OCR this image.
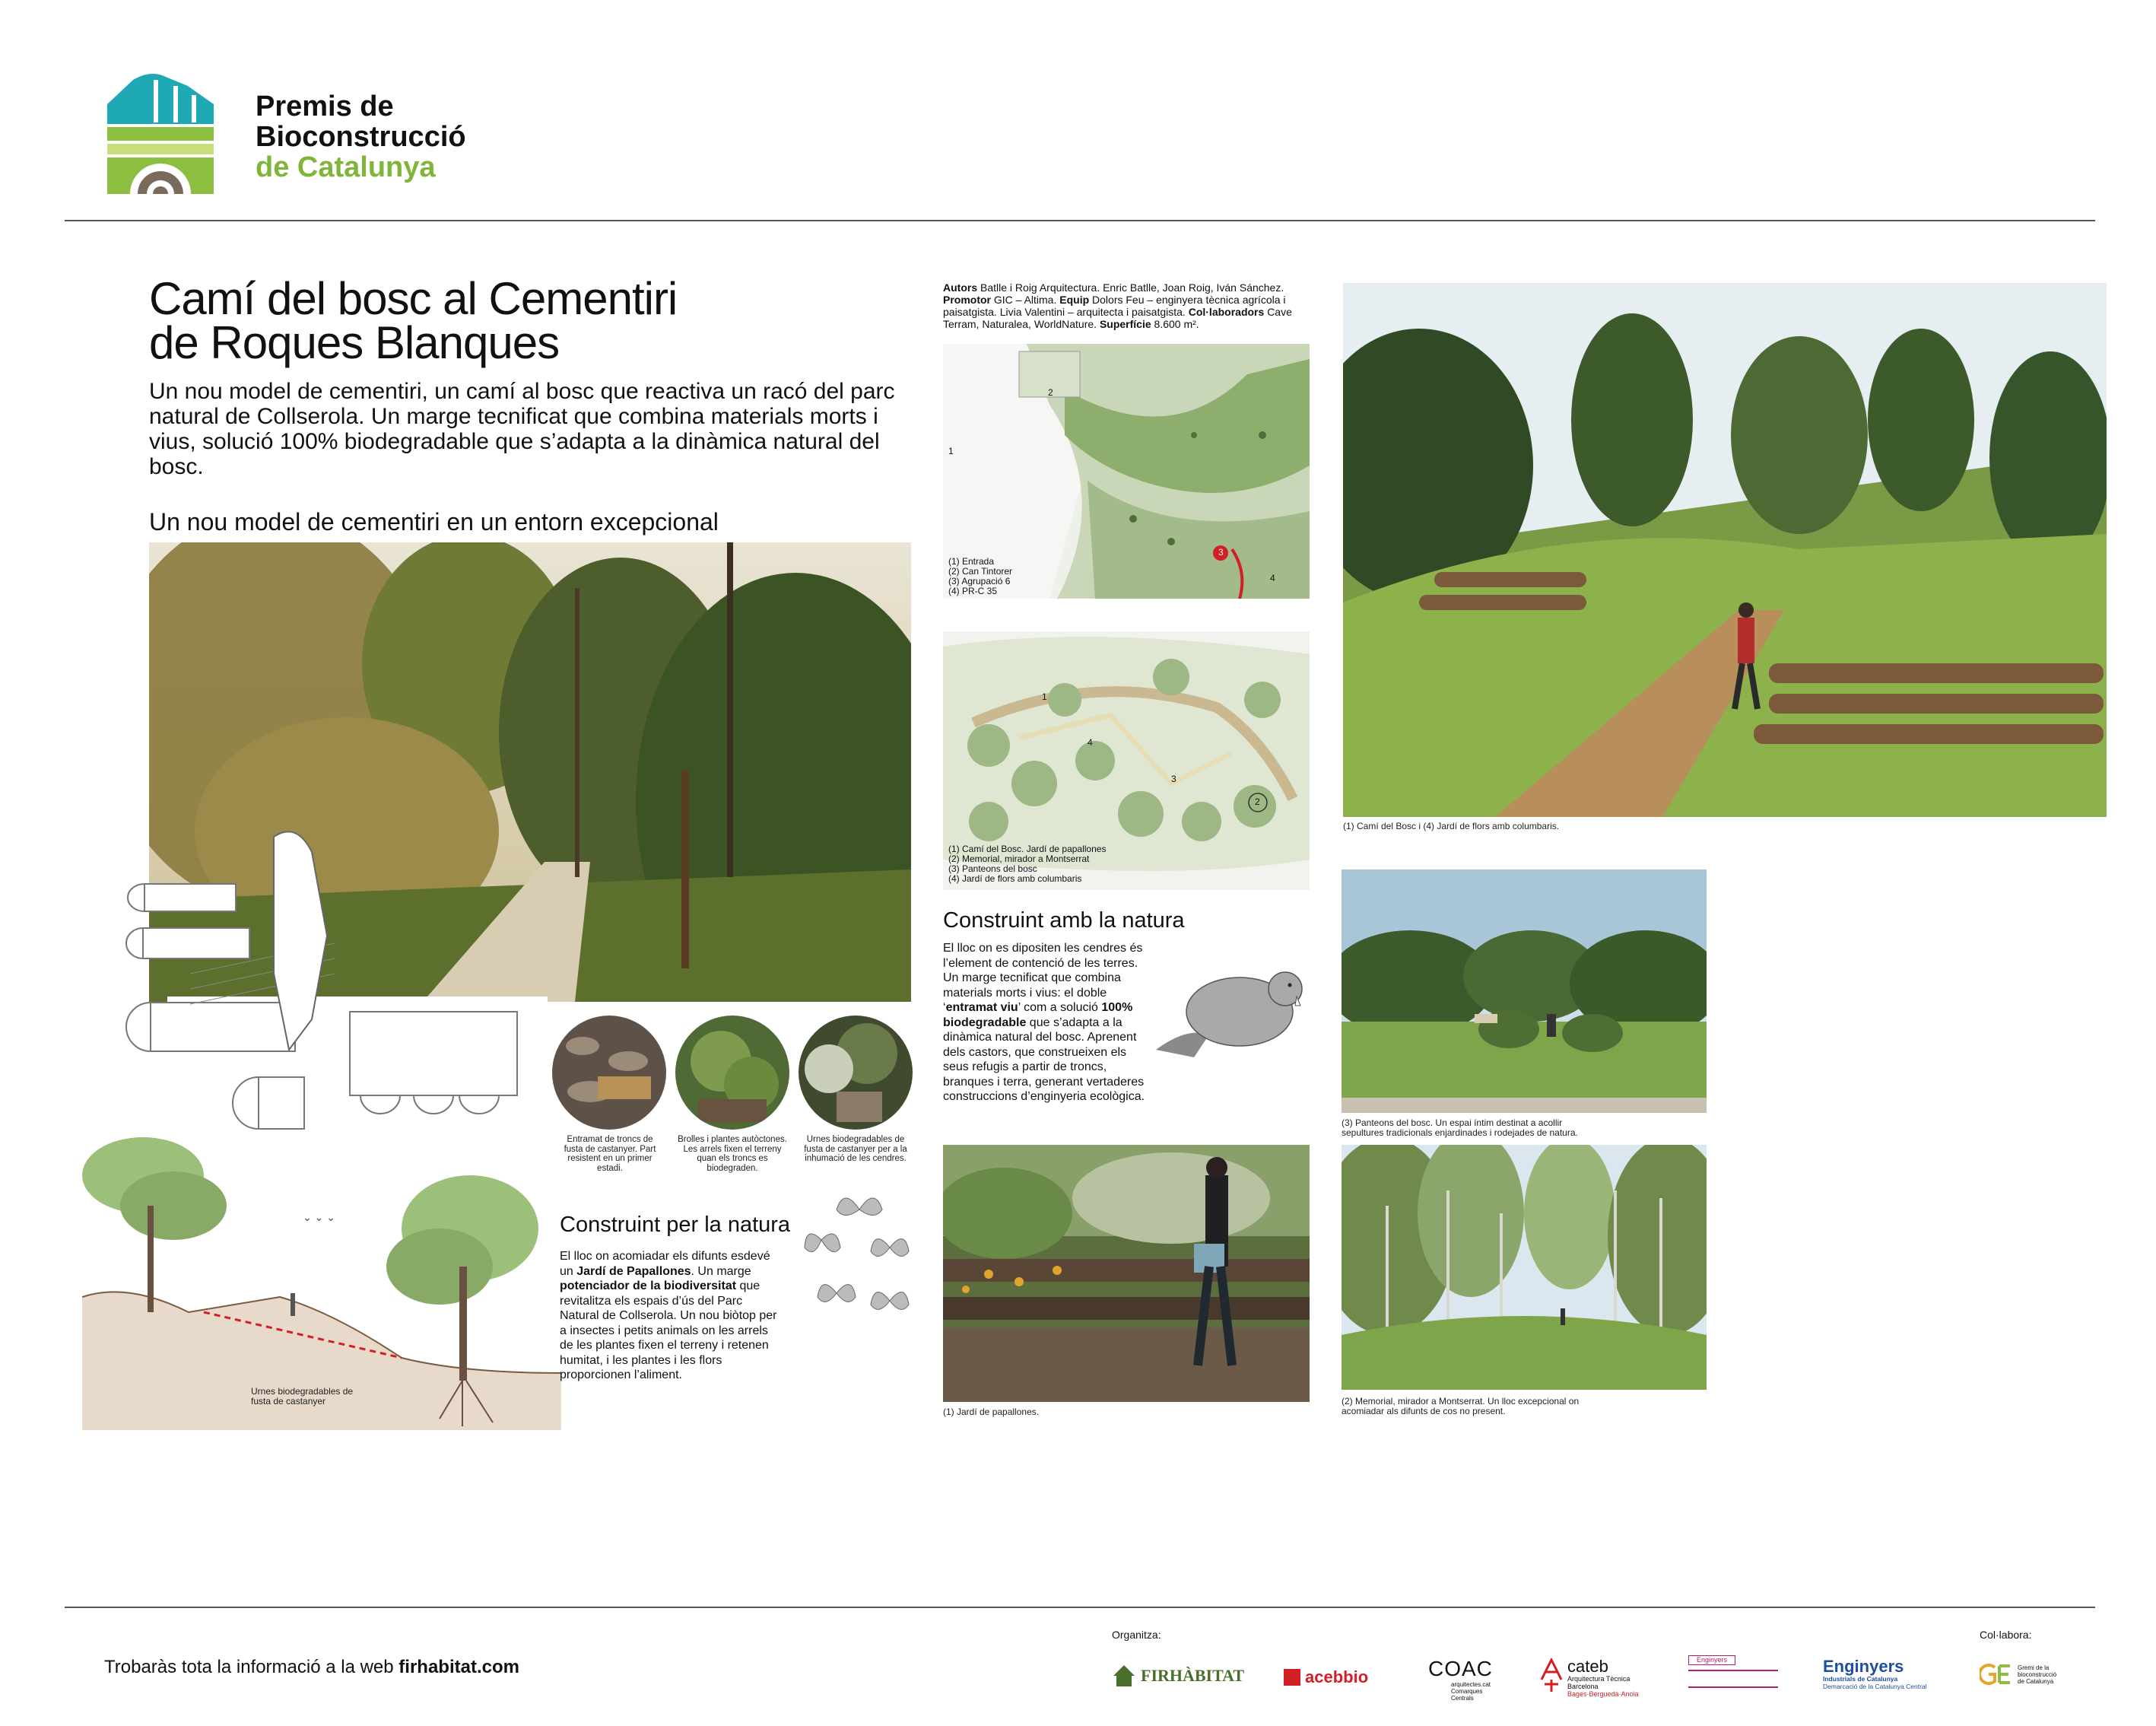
Premis de
Bioconstrucció
de Catalunya
Camí del bosc al Cementiri
de Roques Blanques
Un nou model de cementiri, un camí al bosc que reactiva un racó del parc natural de Collserola. Un marge tecnificat que combina materials morts i vius, solució 100% biodegradable que s’adapta a la dinàmica natural del bosc.
Un nou model de cementiri en un entorn excepcional
Entramat de troncs de fusta de castanyer. Part resistent en un primer estadi.
Brolles i plantes autòctones. Les arrels fixen el terreny quan els troncs es biodegraden.
Urnes biodegradables de fusta de castanyer per a la inhumació de les cendres.
⌄ ⌄ ⌄
Urnes biodegradables de fusta de castanyer
Construint per la natura
El lloc on acomiadar els difunts esdevé un Jardí de Papallones. Un marge potenciador de la biodiversitat que revitalitza els espais d’ús del Parc Natural de Collserola. Un nou biòtop per a insectes i petits animals on les arrels de les plantes fixen el terreny i retenen humitat, i les plantes i les flors proporcionen l’aliment.
Autors Batlle i Roig Arquitectura. Enric Batlle, Joan Roig, Iván Sánchez. Promotor GIC – Altima. Equip Dolors Feu – enginyera tècnica agrícola i paisatgista. Livia Valentini – arquitecta i paisatgista. Col·laboradors Cave Terram, Naturalea, WorldNature. Superfície 8.600 m².
1
2
3
4
(1) Entrada
(2) Can Tintorer
(3) Agrupació 6
(4) PR-C 35
1
2
3
4
(1) Camí del Bosc. Jardí de papallones
(2) Memorial, mirador a Montserrat
(3) Panteons del bosc
(4) Jardí de flors amb columbaris
Construint amb la natura
El lloc on es dipositen les cendres és l’element de contenció de les terres. Un marge tecnificat que combina materials morts i vius: el doble ‘entramat viu’ com a solució 100% biodegradable que s’adapta a la dinàmica natural del bosc. Aprenent dels castors, que construeixen els seus refugis a partir de troncs, branques i terra, generant vertaderes construccions d’enginyeria ecològica.
(1) Jardí de papallones.
(1) Camí del Bosc i (4) Jardí de flors amb columbaris.
(3) Panteons del bosc. Un espai íntim destinat a acollir sepultures tradicionals enjardinades i rodejades de natura.
(2) Memorial, mirador a Montserrat. Un lloc excepcional on acomiadar als difunts de cos no present.
Trobaràs tota la informació a la web firhabitat.com
Organitza:	Col·labora:
FIRHÀBITAT	acebbio	COAC
arquitectes.cat
Comarques
Centrals
cateb
Arquitectura Tècnica
Barcelona
Bages·Berguedà·Anoia
Enginyers	Enginyers
Industrials de Catalunya
Demarcació de la Catalunya Central
Gremi de la
bioconstrucció
de Catalunya
